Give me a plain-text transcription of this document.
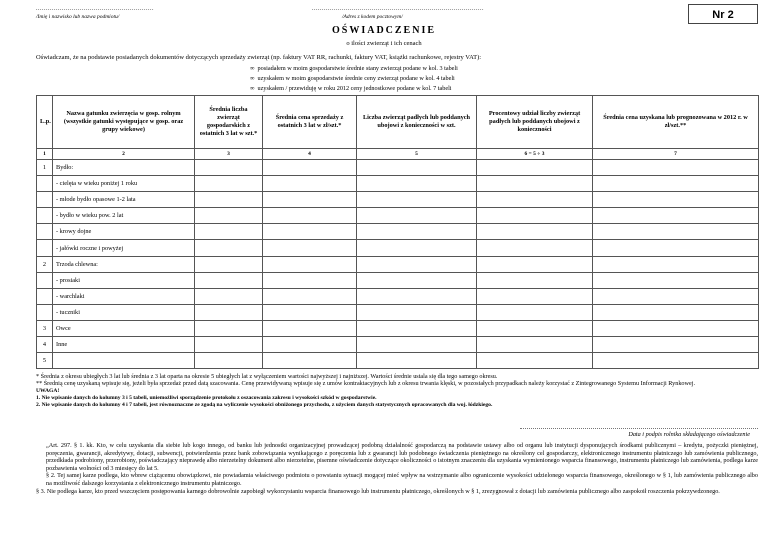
...........................................................
/Imię i nazwisko lub nazwa podmiotu/
......................................................................................
/Adres z kodem pocztowym/	Nr 2
OŚWIADCZENIE
o ilości zwierząt i ich cenach
Oświadczam, że na podstawie posiadanych dokumentów dotyczących sprzedaży zwierząt (np. faktury VAT RR, rachunki, faktury VAT, książki rachunkowe, rejestry VAT):
∞ posiadałem w moim gospodarstwie średnie stany zwierząt podane w kol. 3 tabeli
∞ uzyskałem w moim gospodarstwie średnie ceny zwierząt podane w kol. 4 tabeli
∞ uzyskałem / przewiduję w roku 2012 ceny jednostkowe podane w kol. 7 tabeli
L.p.	Nazwa gatunku zwierzęcia w gosp. rolnym (wszystkie gatunki występujące w gosp. oraz grupy wiekowe)	Średnia liczba zwierząt gospodarskich z ostatnich 3 lat w szt.*	Średnia cena sprzedaży z ostatnich 3 lat w zł/szt.*	Liczba zwierząt padłych lub poddanych ubojowi z konieczności w szt.	Procentowy udział liczby zwierząt padłych lub poddanych ubojowi z konieczności	Średnia cena uzyskana lub prognozowana w 2012 r. w zł/szt.**
1	2	3	4	5	6 = 5 ÷ 3	7
1	Bydło:					
	- cielęta w wieku poniżej 1 roku					
	- młode bydło opasowe 1-2 lata					
	- bydło w wieku pow. 2 lat					
	- krowy dojne					
	- jałówki roczne i powyżej					
2	Trzoda chlewna:					
	- prosiaki					
	- warchlaki					
	- tuczniki					
3	Owce					
4	Inne					
5						
* Średnia z okresu ubiegłych 3 lat lub średnia z 3 lat oparta na okresie 5 ubiegłych lat z wyłączeniem wartości najwyższej i najniższej. Wartości średnie ustala się dla tego samego okresu.
** Średnią cenę uzyskaną wpisuje się, jeżeli była sprzedaż przed datą szacowania. Cenę przewidywaną wpisuje się z umów kontraktacyjnych lub z okresu trwania klęski, w pozostałych przypadkach należy korzystać z Zintegrowanego Systemu Informacji Rynkowej.
UWAGA!
1. Nie wpisanie danych do kolumny 3 i 5 tabeli, uniemożliwi sporządzenie protokołu z oszacowania zakresu i wysokości szkód w gospodarstwie.
2. Nie wpisanie danych do kolumny 4 i 7 tabeli, jest równoznaczne ze zgodą na wyliczenie wysokości obniżonego przychodu, z użyciem danych statystycznych opracowanych dla woj. łódzkiego.
Data i podpis rolnika składającego oświadczenie

„Art. 297. § 1. kk. Kto, w celu uzyskania dla siebie lub kogo innego, od banku lub jednostki organizacyjnej prowadzącej podobną działalność gospodarczą na podstawie ustawy albo od organu lub instytucji dysponujących środkami publicznymi – kredytu, pożyczki pieniężnej, poręczenia, gwarancji, akredytywy, dotacji, subwencji, potwierdzenia przez bank zobowiązania wynikającego z poręczenia lub z gwarancji lub podobnego świadczenia pieniężnego na określony cel gospodarczy, elektronicznego instrumentu płatniczego lub zamówienia publicznego, przedkłada podrobiony, przerobiony, poświadczający nieprawdę albo nierzetelny dokument albo nierzetelne, pisemne oświadczenie dotyczące okoliczności o istotnym znaczeniu dla uzyskania wymienionego wsparcia finansowego, instrumentu płatniczego lub zamówienia, podlega karze pozbawienia wolności od 3 miesięcy do lat 5.

§ 2. Tej samej karze podlega, kto wbrew ciążącemu obowiązkowi, nie powiadamia właściwego podmiotu o powstaniu sytuacji mogącej mieć wpływ na wstrzymanie albo ograniczenie wysokości udzielonego wsparcia finansowego, określonego w § 1, lub zamówienia publicznego albo na możliwość dalszego korzystania z elektronicznego instrumentu płatniczego.

§ 3. Nie podlega karze, kto przed wszczęciem postępowania karnego dobrowolnie zapobiegł wykorzystaniu wsparcia finansowego lub instrumentu płatniczego, określonych w § 1, zrezygnował z dotacji lub zamówienia publicznego albo zaspokoił roszczenia pokrzywdzonego.
